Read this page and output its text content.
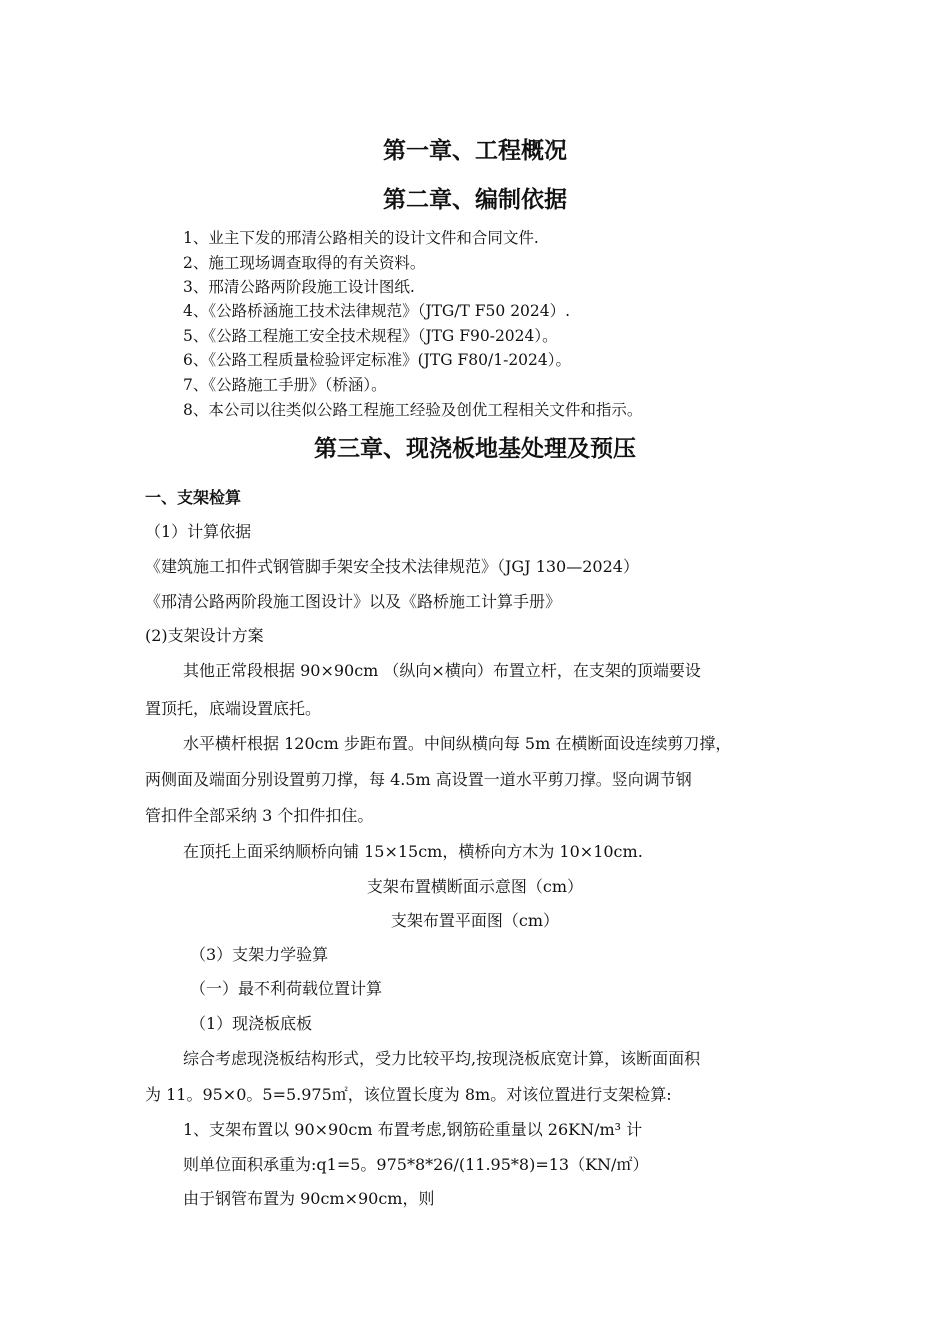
第一章、工程概况
第二章、编制依据
1、业主下发的邢清公路相关的设计文件和合同文件.
2、施工现场调查取得的有关资料。
3、邢清公路两阶段施工设计图纸.
4、《公路桥涵施工技术法律规范》（JTG/T F50 2024）.
5、《公路工程施工安全技术规程》（JTG F90-2024）。
6、《公路工程质量检验评定标准》(JTG F80/1-2024）。
7、《公路施工手册》（桥涵）。
8、本公司以往类似公路工程施工经验及创优工程相关文件和指示。
第三章、现浇板地基处理及预压
一、支架检算
（1）计算依据
《建筑施工扣件式钢管脚手架安全技术法律规范》（JGJ 130—2024）
《邢清公路两阶段施工图设计》以及《路桥施工计算手册》
(2)支架设计方案
其他正常段根据 90×90cm （纵向×横向）布置立杆，在支架的顶端要设
置顶托，底端设置底托。
水平横杆根据 120cm 步距布置。中间纵横向每 5m 在横断面设连续剪刀撑，
两侧面及端面分别设置剪刀撑，每 4.5m 高设置一道水平剪刀撑。竖向调节钢
管扣件全部采纳 3 个扣件扣住。
在顶托上面采纳顺桥向铺 15×15cm，横桥向方木为 10×10cm.
支架布置横断面示意图（cm）
支架布置平面图（cm）
（3）支架力学验算
（一）最不利荷载位置计算
（1）现浇板底板
综合考虑现浇板结构形式，受力比较平均,按现浇板底宽计算，该断面面积
为 11。95×0。5=5.975㎡，该位置长度为 8m。对该位置进行支架检算:
1、支架布置以 90×90cm 布置考虑,钢筋砼重量以 26KN/m³ 计
则单位面积承重为:q1=5。975*8*26/(11.95*8)=13（KN/㎡）
由于钢管布置为 90cm×90cm，则
